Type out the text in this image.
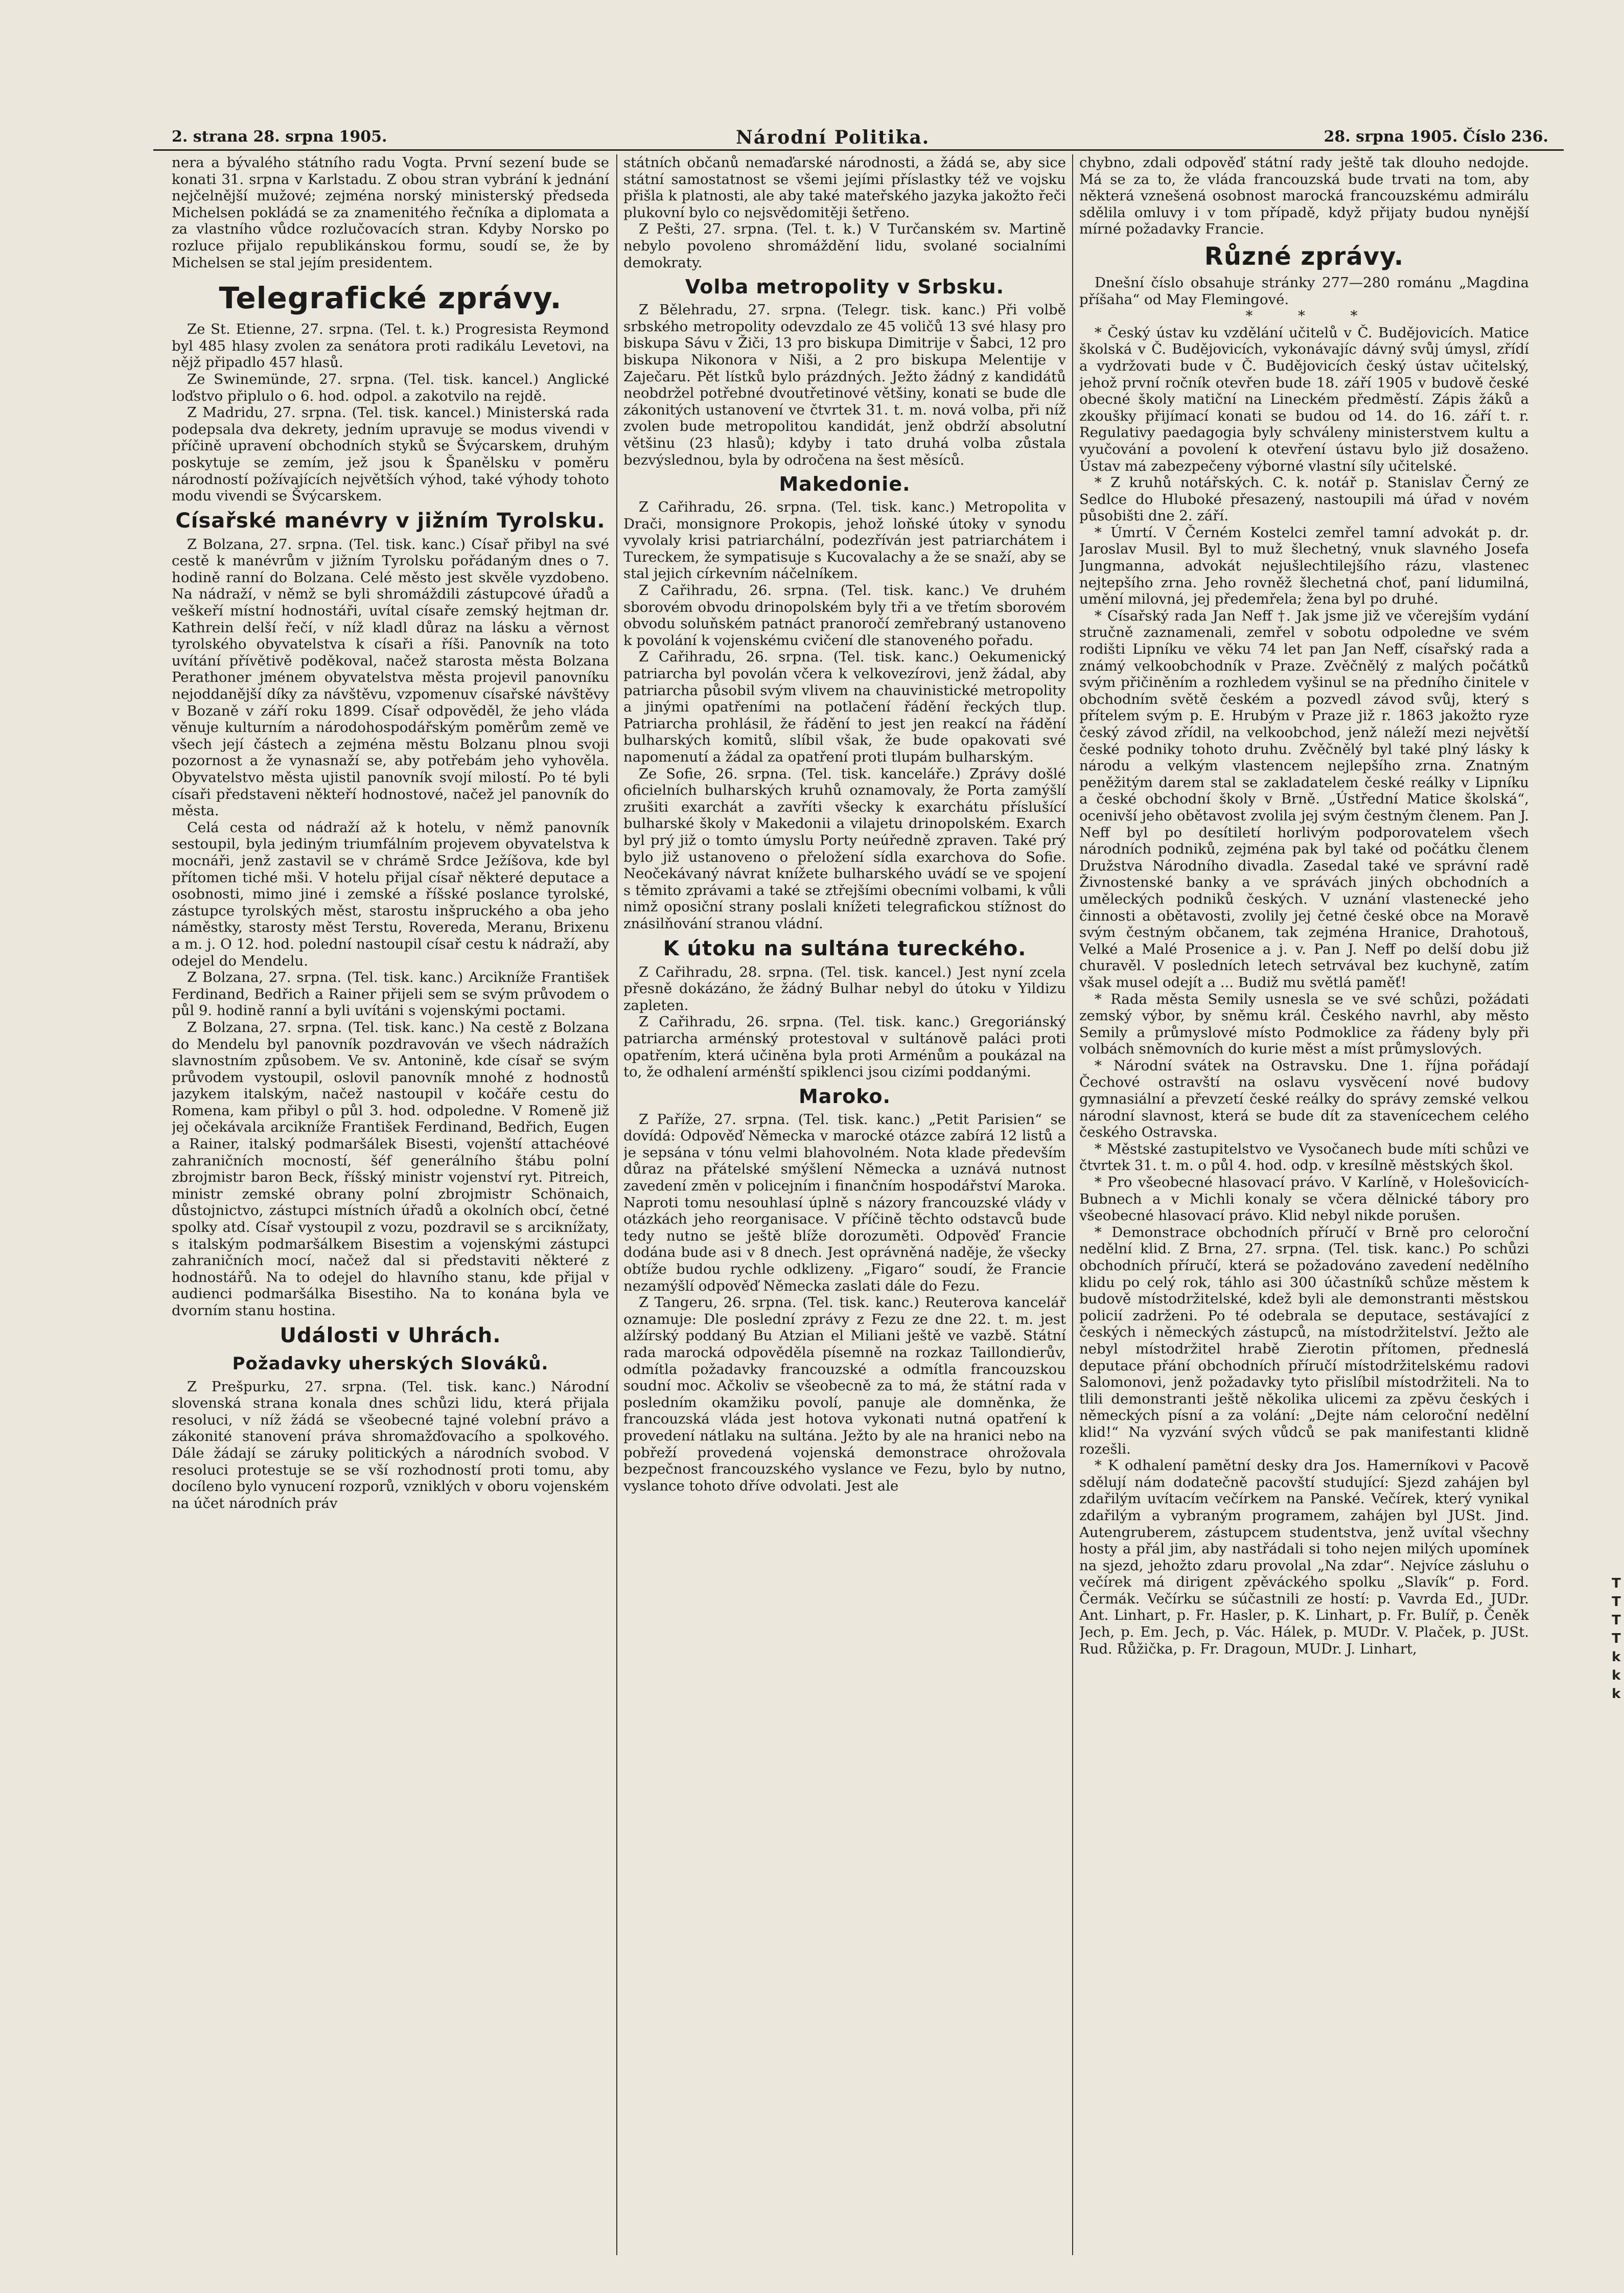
2. strana 28. srpna 1905.	Národní Politika.	28. srpna 1905. Číslo 236.

nera a bývalého státního radu Vogta. První sezení bude se konati 31. srpna v Karlstadu. Z obou stran vybrání k jednání nejčelnější mužové; zejména norský ministerský předseda Michelsen pokládá se za znamenitého řečníka a diplomata a za vlastního vůdce rozlučovacích stran. Kdyby Norsko po rozluce přijalo republikánskou formu, soudí se, že by Michelsen se stal jejím presidentem.

Telegrafické zprávy.

Ze St. Etienne, 27. srpna. (Tel. t. k.) Progresista Reymond byl 485 hlasy zvolen za senátora proti radikálu Levetovi, na nějž připadlo 457 hlasů.

Ze Swinemünde, 27. srpna. (Tel. tisk. kancel.) Anglické loďstvo připlulo o 6. hod. odpol. a zakotvilo na rejdě.

Z Madridu, 27. srpna. (Tel. tisk. kancel.) Ministerská rada podepsala dva dekrety, jedním upravuje se modus vivendi v příčině upravení obchodních styků se Švýcarskem, druhým poskytuje se zemím, jež jsou k Španělsku v poměru národností požívajících největších výhod, také výhody tohoto modu vivendi se Švýcarskem.

Císařské manévry v jižním Tyrolsku.

Z Bolzana, 27. srpna. (Tel. tisk. kanc.) Císař přibyl na své cestě k manévrům v jižním Tyrolsku pořádaným dnes o 7. hodině ranní do Bolzana. Celé město jest skvěle vyzdobeno. Na nádraží, v němž se byli shromáždili zástupcové úřadů a veškeří místní hodnostáři, uvítal císaře zemský hejtman dr. Kathrein delší řečí, v níž kladl důraz na lásku a věrnost tyrolského obyvatelstva k císaři a říši. Panovník na toto uvítání přívětivě poděkoval, načež starosta města Bolzana Perathoner jménem obyvatelstva města projevil panovníku nejoddanější díky za návštěvu, vzpomenuv císařské návštěvy v Bozaně v září roku 1899. Císař odpověděl, že jeho vláda věnuje kulturním a národohospodářským poměrům země ve všech její částech a zejména městu Bolzanu plnou svoji pozornost a že vynasnaží se, aby potřebám jeho vyhověla. Obyvatelstvo města ujistil panovník svojí milostí. Po té byli císaři představeni někteří hodnostové, načež jel panovník do města.

Celá cesta od nádraží až k hotelu, v němž panovník sestoupil, byla jediným triumfálním projevem obyvatelstva k mocnáři, jenž zastavil se v chrámě Srdce Ježíšova, kde byl přítomen tiché mši. V hotelu přijal císař některé deputace a osobnosti, mimo jiné i zemské a říšské poslance tyrolské, zástupce tyrolských měst, starostu inšpruckého a oba jeho náměstky, starosty měst Terstu, Rovereda, Meranu, Brixenu a m. j. O 12. hod. polední nastoupil císař cestu k nádraží, aby odejel do Mendelu.

Z Bolzana, 27. srpna. (Tel. tisk. kanc.) Arcikníže František Ferdinand, Bedřich a Rainer přijeli sem se svým průvodem o půl 9. hodině ranní a byli uvítáni s vojenskými poctami.

Z Bolzana, 27. srpna. (Tel. tisk. kanc.) Na cestě z Bolzana do Mendelu byl panovník pozdravován ve všech nádražích slavnostním způsobem. Ve sv. Antonině, kde císař se svým průvodem vystoupil, oslovil panovník mnohé z hodnostů jazykem italským, načež nastoupil v kočáře cestu do Romena, kam přibyl o půl 3. hod. odpoledne. V Romeně již jej očekávala arcikníže František Ferdinand, Bedřich, Eugen a Rainer, italský podmaršálek Bisesti, vojenští attachéové zahraničních mocností, šéf generálního štábu polní zbrojmistr baron Beck, říšský ministr vojenství ryt. Pitreich, ministr zemské obrany polní zbrojmistr Schönaich, důstojnictvo, zástupci místních úřadů a okolních obcí, četné spolky atd. Císař vystoupil z vozu, pozdravil se s arciknížaty, s italským podmaršálkem Bisestim a vojenskými zástupci zahraničních mocí, načež dal si představiti některé z hodnostářů. Na to odejel do hlavního stanu, kde přijal v audienci podmaršálka Bisestiho. Na to konána byla ve dvorním stanu hostina.

Události v Uhrách.
Požadavky uherských Slováků.

Z Prešpurku, 27. srpna. (Tel. tisk. kanc.) Národní slovenská strana konala dnes schůzi lidu, která přijala resoluci, v níž žádá se všeobecné tajné volební právo a zákonité stanovení práva shromažďovacího a spolkového. Dále žádají se záruky politických a národních svobod. V resoluci protestuje se se vší rozhodností proti tomu, aby docíleno bylo vynucení rozporů, vzniklých v oboru vojenském na účet národních práv

státních občanů nemaďarské národnosti, a žádá se, aby sice státní samostatnost se všemi jejími příslastky též ve vojsku přišla k platnosti, ale aby také mateřského jazyka jakožto řeči plukovní bylo co nejsvědomitěji šetřeno.

Z Pešti, 27. srpna. (Tel. t. k.) V Turčanském sv. Martině nebylo povoleno shromáždění lidu, svolané socialními demokraty.

Volba metropolity v Srbsku.

Z Bělehradu, 27. srpna. (Telegr. tisk. kanc.) Při volbě srbského metropolity odevzdalo ze 45 voličů 13 své hlasy pro biskupa Sávu v Žiči, 13 pro biskupa Dimitrije v Šabci, 12 pro biskupa Nikonora v Niši, a 2 pro biskupa Melentije v Zaječaru. Pět lístků bylo prázdných. Ježto žádný z kandidátů neobdržel potřebné dvoutřetinové většiny, konati se bude dle zákonitých ustanovení ve čtvrtek 31. t. m. nová volba, při níž zvolen bude metropolitou kandidát, jenž obdrží absolutní většinu (23 hlasů); kdyby i tato druhá volba zůstala bezvýslednou, byla by odročena na šest měsíců.

Makedonie.

Z Cařihradu, 26. srpna. (Tel. tisk. kanc.) Metropolita v Drači, monsignore Prokopis, jehož loňské útoky v synodu vyvolaly krisi patriarchální, podezříván jest patriarchátem i Tureckem, že sympatisuje s Kucovalachy a že se snaží, aby se stal jejich církevním náčelníkem.

Z Cařihradu, 26. srpna. (Tel. tisk. kanc.) Ve druhém sborovém obvodu drinopolském byly tři a ve třetím sborovém obvodu soluňském patnáct pranoročí zemřebraný ustanoveno k povolání k vojenskému cvičení dle stanoveného pořadu.

Z Cařihradu, 26. srpna. (Tel. tisk. kanc.) Oekumenický patriarcha byl povolán včera k velkovezírovi, jenž žádal, aby patriarcha působil svým vlivem na chauvinistické metropolity a jinými opatřeními na potlačení řádění řeckých tlup. Patriarcha prohlásil, že řádění to jest jen reakcí na řádění bulharských komitů, slíbil však, že bude opakovati své napomenutí a žádal za opatření proti tlupám bulharským.

Ze Sofie, 26. srpna. (Tel. tisk. kanceláře.) Zprávy došlé oficielních bulharských kruhů oznamovaly, že Porta zamýšlí zrušiti exarchát a zavříti všecky k exarchátu příslušící bulharské školy v Makedonii a vilajetu drinopolském. Exarch byl prý již o tomto úmyslu Porty neúředně zpraven. Také prý bylo již ustanoveno o přeložení sídla exarchova do Sofie. Neočekávaný návrat knížete bulharského uvádí se ve spojení s těmito zprávami a také se ztřejšími obecními volbami, k vůli nimž oposiční strany poslali knížeti telegrafickou stížnost do znásilňování stranou vládní.

K útoku na sultána tureckého.

Z Cařihradu, 28. srpna. (Tel. tisk. kancel.) Jest nyní zcela přesně dokázáno, že žádný Bulhar nebyl do útoku v Yildizu zapleten.

Z Cařihradu, 26. srpna. (Tel. tisk. kanc.) Gregoriánský patriarcha arménský protestoval v sultánově paláci proti opatřením, která učiněna byla proti Arménům a poukázal na to, že odhalení arménští spiklenci jsou cizími poddanými.

Maroko.

Z Paříže, 27. srpna. (Tel. tisk. kanc.) „Petit Parisien“ se dovídá: Odpověď Německa v marocké otázce zabírá 12 listů a je sepsána v tónu velmi blahovolném. Nota klade především důraz na přátelské smýšlení Německa a uznává nutnost zavedení změn v policejním i finančním hospodářství Maroka. Naproti tomu nesouhlasí úplně s názory francouzské vlády v otázkách jeho reorganisace. V příčině těchto odstavců bude tedy nutno se ještě blíže dorozuměti. Odpověď Francie dodána bude asi v 8 dnech. Jest oprávněná naděje, že všecky obtíže budou rychle odklizeny. „Figaro“ soudí, že Francie nezamýšlí odpověď Německa zaslati dále do Fezu.

Z Tangeru, 26. srpna. (Tel. tisk. kanc.) Reuterova kancelář oznamuje: Dle poslední zprávy z Fezu ze dne 22. t. m. jest alžírský poddaný Bu Atzian el Miliani ještě ve vazbě. Státní rada marocká odpověděla písemně na rozkaz Taillondierův, odmítla požadavky francouzské a odmítla francouzskou soudní moc. Ačkoliv se všeobecně za to má, že státní rada v posledním okamžiku povolí, panuje ale domněnka, že francouzská vláda jest hotova vykonati nutná opatření k provedení nátlaku na sultána. Ježto by ale na hranici nebo na pobřeží provedená vojenská demonstrace ohrožovala bezpečnost francouzského vyslance ve Fezu, bylo by nutno, vyslance tohoto dříve odvolati. Jest ale

chybno, zdali odpověď státní rady ještě tak dlouho nedojde. Má se za to, že vláda francouzská bude trvati na tom, aby některá vznešená osobnost marocká francouzskému admirálu sdělila omluvy i v tom případě, když přijaty budou nynější mírné požadavky Francie.

Různé zprávy.

Dnešní číslo obsahuje stránky 277—280 románu „Magdina příšaha“ od May Flemingové.

* * *

* Český ústav ku vzdělání učitelů v Č. Budějovicích. Matice školská v Č. Budějovicích, vykonávajíc dávný svůj úmysl, zřídí a vydržovati bude v Č. Budějovicích český ústav učitelský, jehož první ročník otevřen bude 18. září 1905 v budově české obecné školy matiční na Lineckém předměstí. Zápis žáků a zkoušky přijímací konati se budou od 14. do 16. září t. r. Regulativy paedagogia byly schváleny ministerstvem kultu a vyučování a povolení k otevření ústavu bylo již dosaženo. Ústav má zabezpečeny výborné vlastní síly učitelské.

* Z kruhů notářských. C. k. notář p. Stanislav Černý ze Sedlce do Hluboké přesazený, nastoupili má úřad v novém působišti dne 2. září.

* Úmrtí. V Černém Kostelci zemřel tamní advokát p. dr. Jaroslav Musil. Byl to muž šlechetný, vnuk slavného Josefa Jungmanna, advokát nejušlechtilejšího rázu, vlastenec nejtepšího zrna. Jeho rovněž šlechetná choť, paní lidumilná, umění milovná, jej předemřela; žena byl po druhé.

* Císařský rada Jan Neff †. Jak jsme již ve včerejším vydání stručně zaznamenali, zemřel v sobotu odpoledne ve svém rodišti Lipníku ve věku 74 let pan Jan Neff, císařský rada a známý velkoobchodník v Praze. Zvěčnělý z malých počátků svým přičiněním a rozhledem vyšinul se na předního činitele v obchodním světě českém a pozvedl závod svůj, který s přítelem svým p. E. Hrubým v Praze již r. 1863 jakožto ryze český závod zřídil, na velkoobchod, jenž náleží mezi největší české podniky tohoto druhu. Zvěčnělý byl také plný lásky k národu a velkým vlastencem nejlepšího zrna. Znatným peněžitým darem stal se zakladatelem české reálky v Lipníku a české obchodní školy v Brně. „Ústřední Matice školská“, ocenivší jeho obětavost zvolila jej svým čestným členem. Pan J. Neff byl po desítiletí horlivým podporovatelem všech národních podniků, zejména pak byl také od počátku členem Družstva Národního divadla. Zasedal také ve správní radě Živnostenské banky a ve správách jiných obchodních a uměleckých podniků českých. V uznání vlastenecké jeho činnosti a obětavosti, zvolily jej četné české obce na Moravě svým čestným občanem, tak zejména Hranice, Drahotouš, Velké a Malé Prosenice a j. v. Pan J. Neff po delší dobu již churavěl. V posledních letech setrvával bez kuchyně, zatím však musel odejít a ... Budiž mu světlá paměť!

* Rada města Semily usnesla se ve své schůzi, požádati zemský výbor, by sněmu král. Českého navrhl, aby město Semily a průmyslové místo Podmoklice za řádeny byly při volbách sněmovních do kurie měst a míst průmyslových.

* Národní svátek na Ostravsku. Dne 1. října pořádají Čechové ostravští na oslavu vysvěcení nové budovy gymnasiální a převzetí české reálky do správy zemské velkou národní slavnost, která se bude dít za stavenícechem celého českého Ostravska.

* Městské zastupitelstvo ve Vysočanech bude míti schůzi ve čtvrtek 31. t. m. o půl 4. hod. odp. v kresílně městských škol.

* Pro všeobecné hlasovací právo. V Karlíně, v Holešovicích-Bubnech a v Michli konaly se včera dělnické tábory pro všeobecné hlasovací právo. Klid nebyl nikde porušen.

* Demonstrace obchodních příručí v Brně pro celoroční nedělní klid. Z Brna, 27. srpna. (Tel. tisk. kanc.) Po schůzi obchodních příručí, která se požadováno zavedení nedělního klidu po celý rok, táhlo asi 300 účastníků schůze městem k budově místodržitelské, kdež byli ale demonstranti městskou policií zadrženi. Po té odebrala se deputace, sestávající z českých i německých zástupců, na místodržitelství. Ježto ale nebyl místodržitel hrabě Zierotin přítomen, předneslá deputace přání obchodních příručí místodržitelskému radovi Salomonovi, jenž požadavky tyto přislíbil místodržiteli. Na to tlili demonstranti ještě několika ulicemi za zpěvu českých i německých písní a za volání: „Dejte nám celoroční nedělní klid!“ Na vyzvání svých vůdců se pak manifestanti klidně rozešli.

* K odhalení pamětní desky dra Jos. Hamerníkovi v Pacově sdělují nám dodatečně pacovští studující: Sjezd zahájen byl zdařilým uvítacím večírkem na Panské. Večírek, který vynikal zdařilým a vybraným programem, zahájen byl JUSt. Jind. Autengruberem, zástupcem studentstva, jenž uvítal všechny hosty a přál jim, aby nastřádali si toho nejen milých upomínek na sjezd, jehožto zdaru provolal „Na zdar“. Nejvíce zásluhu o večírek má dirigent zpěváckého spolku „Slavík“ p. Ford. Čermák. Večírku se súčastnili ze hostí: p. Vavrda Ed., JUDr. Ant. Linhart, p. Fr. Hasler, p. K. Linhart, p. Fr. Bulíř, p. Čeněk Jech, p. Em. Jech, p. Vác. Hálek, p. MUDr. V. Plaček, p. JUSt. Rud. Růžička, p. Fr. Dragoun, MUDr. J. Linhart,

T T
T
T
k
k
k
